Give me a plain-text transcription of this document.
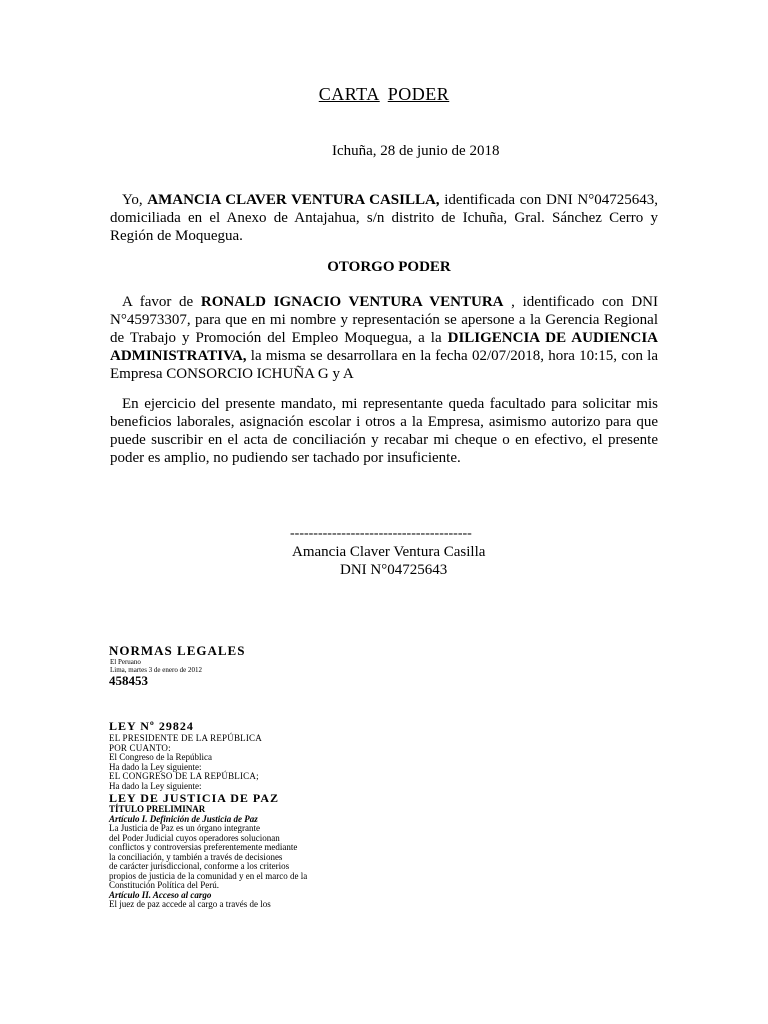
CARTA PODER
Ichuña, 28 de junio de 2018
Yo, AMANCIA CLAVER VENTURA CASILLA, identificada con DNI N°04725643, domiciliada en el Anexo de Antajahua, s/n distrito de Ichuña, Gral. Sánchez Cerro y Región de Moquegua.
OTORGO PODER
A favor de RONALD IGNACIO VENTURA VENTURA , identificado con DNI N°45973307, para que en mi nombre y representación se apersone a la Gerencia Regional de Trabajo y Promoción del Empleo Moquegua, a la DILIGENCIA DE AUDIENCIA ADMINISTRATIVA, la misma se desarrollara en la fecha 02/07/2018, hora 10:15, con la Empresa CONSORCIO ICHUÑA G y A
En ejercicio del presente mandato, mi representante queda facultado para solicitar mis beneficios laborales, asignación escolar i otros a la Empresa, asimismo autorizo para que puede suscribir en el acta de conciliación y recabar mi cheque o en efectivo, el presente poder es amplio, no pudiendo ser tachado por insuficiente.
---------------------------------------
Amancia Claver Ventura Casilla
DNI N°04725643
NORMAS LEGALES
El Peruano
Lima, martes 3 de enero de 2012
458453
LEY Nº 29824
EL PRESIDENTE DE LA REPÚBLICA
POR CUANTO:
El Congreso de la República
Ha dado la Ley siguiente:
EL CONGRESO DE LA REPÚBLICA;
Ha dado la Ley siguiente:
LEY DE JUSTICIA DE PAZ
TÍTULO PRELIMINAR
Artículo I. Definición de Justicia de Paz
La Justicia de Paz es un órgano integrante
del Poder Judicial cuyos operadores solucionan
conflictos y controversias preferentemente mediante
la conciliación, y también a través de decisiones
de carácter jurisdiccional, conforme a los criterios
propios de justicia de la comunidad y en el marco de la
Constitución Política del Perú.
Artículo II. Acceso al cargo
El juez de paz accede al cargo a través de los
